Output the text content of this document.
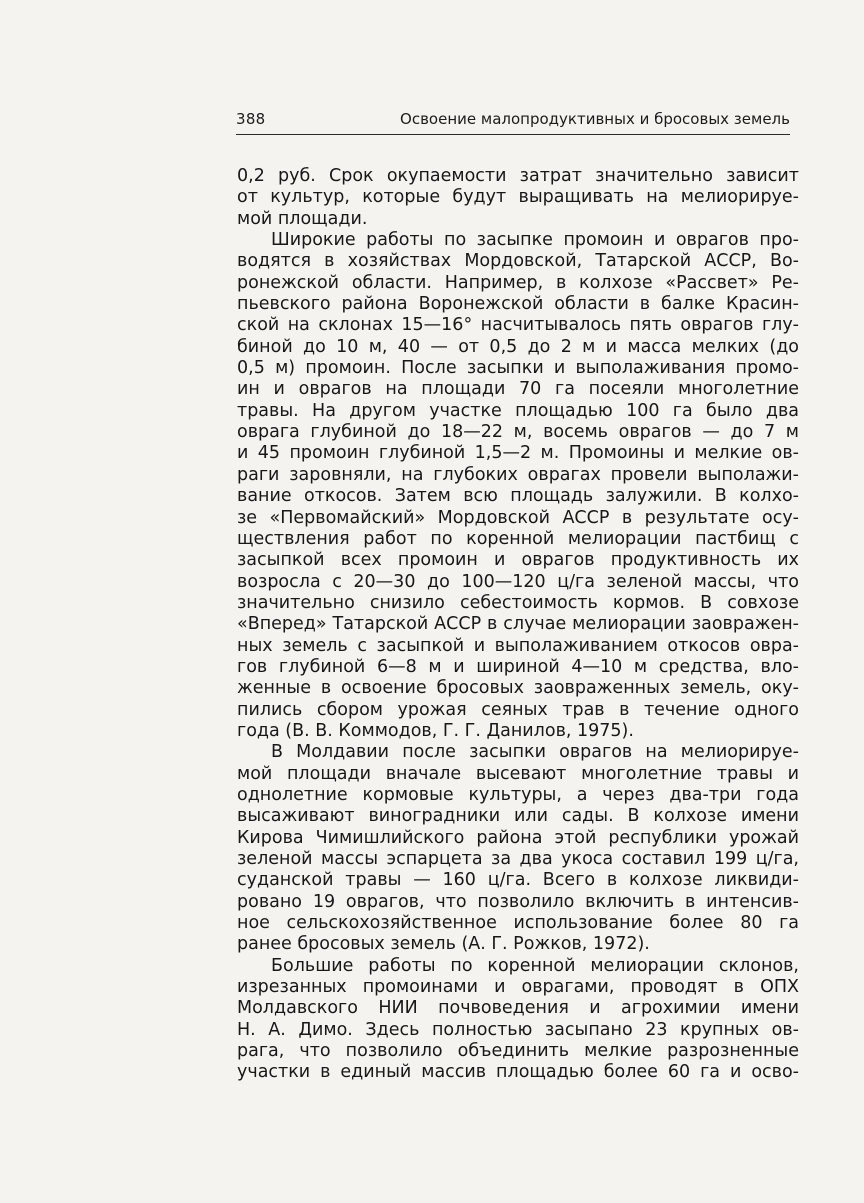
388	Освоение малопродуктивных и бросовых земель
0,2 руб. Срок окупаемости затрат значительно зависит
от культур, которые будут выращивать на мелиорируе-
мой площади.
Широкие работы по засыпке промоин и оврагов про-
водятся в хозяйствах Мордовской, Татарской АССР, Во-
ронежской области. Например, в колхозе «Рассвет» Ре-
пьевского района Воронежской области в балке Красин-
ской на склонах 15—16° насчитывалось пять оврагов глу-
биной до 10 м, 40 — от 0,5 до 2 м и масса мелких (до
0,5 м) промоин. После засыпки и выполаживания промо-
ин и оврагов на площади 70 га посеяли многолетние
травы. На другом участке площадью 100 га было два
оврага глубиной до 18—22 м, восемь оврагов — до 7 м
и 45 промоин глубиной 1,5—2 м. Промоины и мелкие ов-
раги заровняли, на глубоких оврагах провели выполажи-
вание откосов. Затем всю площадь залужили. В колхо-
зе «Первомайский» Мордовской АССР в результате осу-
ществления работ по коренной мелиорации пастбищ с
засыпкой всех промоин и оврагов продуктивность их
возросла с 20—30 до 100—120 ц/га зеленой массы, что
значительно снизило себестоимость кормов. В совхозе
«Вперед» Татарской АССР в случае мелиорации заовражен-
ных земель с засыпкой и выполаживанием откосов овра-
гов глубиной 6—8 м и шириной 4—10 м средства, вло-
женные в освоение бросовых заовраженных земель, оку-
пились сбором урожая сеяных трав в течение одного
года (В. В. Коммодов, Г. Г. Данилов, 1975).
В Молдавии после засыпки оврагов на мелиорируе-
мой площади вначале высевают многолетние травы и
однолетние кормовые культуры, а через два-три года
высаживают виноградники или сады. В колхозе имени
Кирова Чимишлийского района этой республики урожай
зеленой массы эспарцета за два укоса составил 199 ц/га,
суданской травы — 160 ц/га. Всего в колхозе ликвиди-
ровано 19 оврагов, что позволило включить в интенсив-
ное сельскохозяйственное использование более 80 га
ранее бросовых земель (А. Г. Рожков, 1972).
Большие работы по коренной мелиорации склонов,
изрезанных промоинами и оврагами, проводят в ОПХ
Молдавского НИИ почвоведения и агрохимии имени
Н. А. Димо. Здесь полностью засыпано 23 крупных ов-
рага, что позволило объединить мелкие разрозненные
участки в единый массив площадью более 60 га и осво-
